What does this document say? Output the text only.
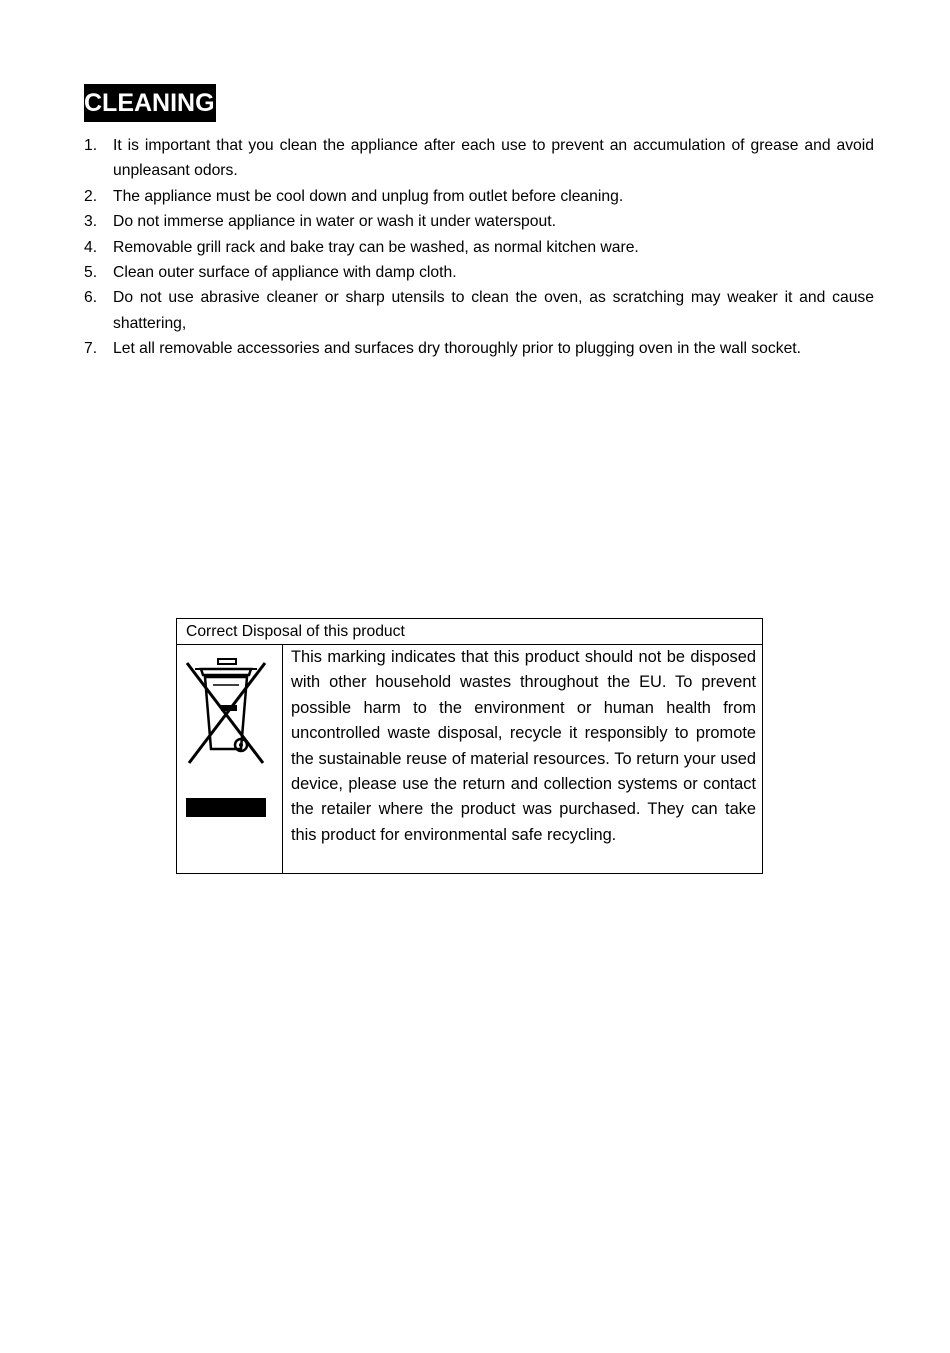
CLEANING
1.	It is important that you clean the appliance after each use to prevent an accumulation of grease and avoid unpleasant odors.
2.	The appliance must be cool down and unplug from outlet before cleaning.
3.	Do not immerse appliance in water or wash it under waterspout.
4.	Removable grill rack and bake tray can be washed, as normal kitchen ware.
5.	Clean outer surface of appliance with damp cloth.
6.	Do not use abrasive cleaner or sharp utensils to clean the oven, as scratching may weaker it and cause shattering,
7.	Let all removable accessories and surfaces dry thoroughly prior to plugging oven in the wall socket.
Correct Disposal of this product
This marking indicates that this product should not be disposed with other household wastes throughout the EU. To prevent possible harm to the environment or human health from uncontrolled waste disposal, recycle it responsibly to promote the sustainable reuse of material resources. To return your used device, please use the return and collection systems or contact the retailer where the product was purchased. They can take this product for environmental safe recycling.
